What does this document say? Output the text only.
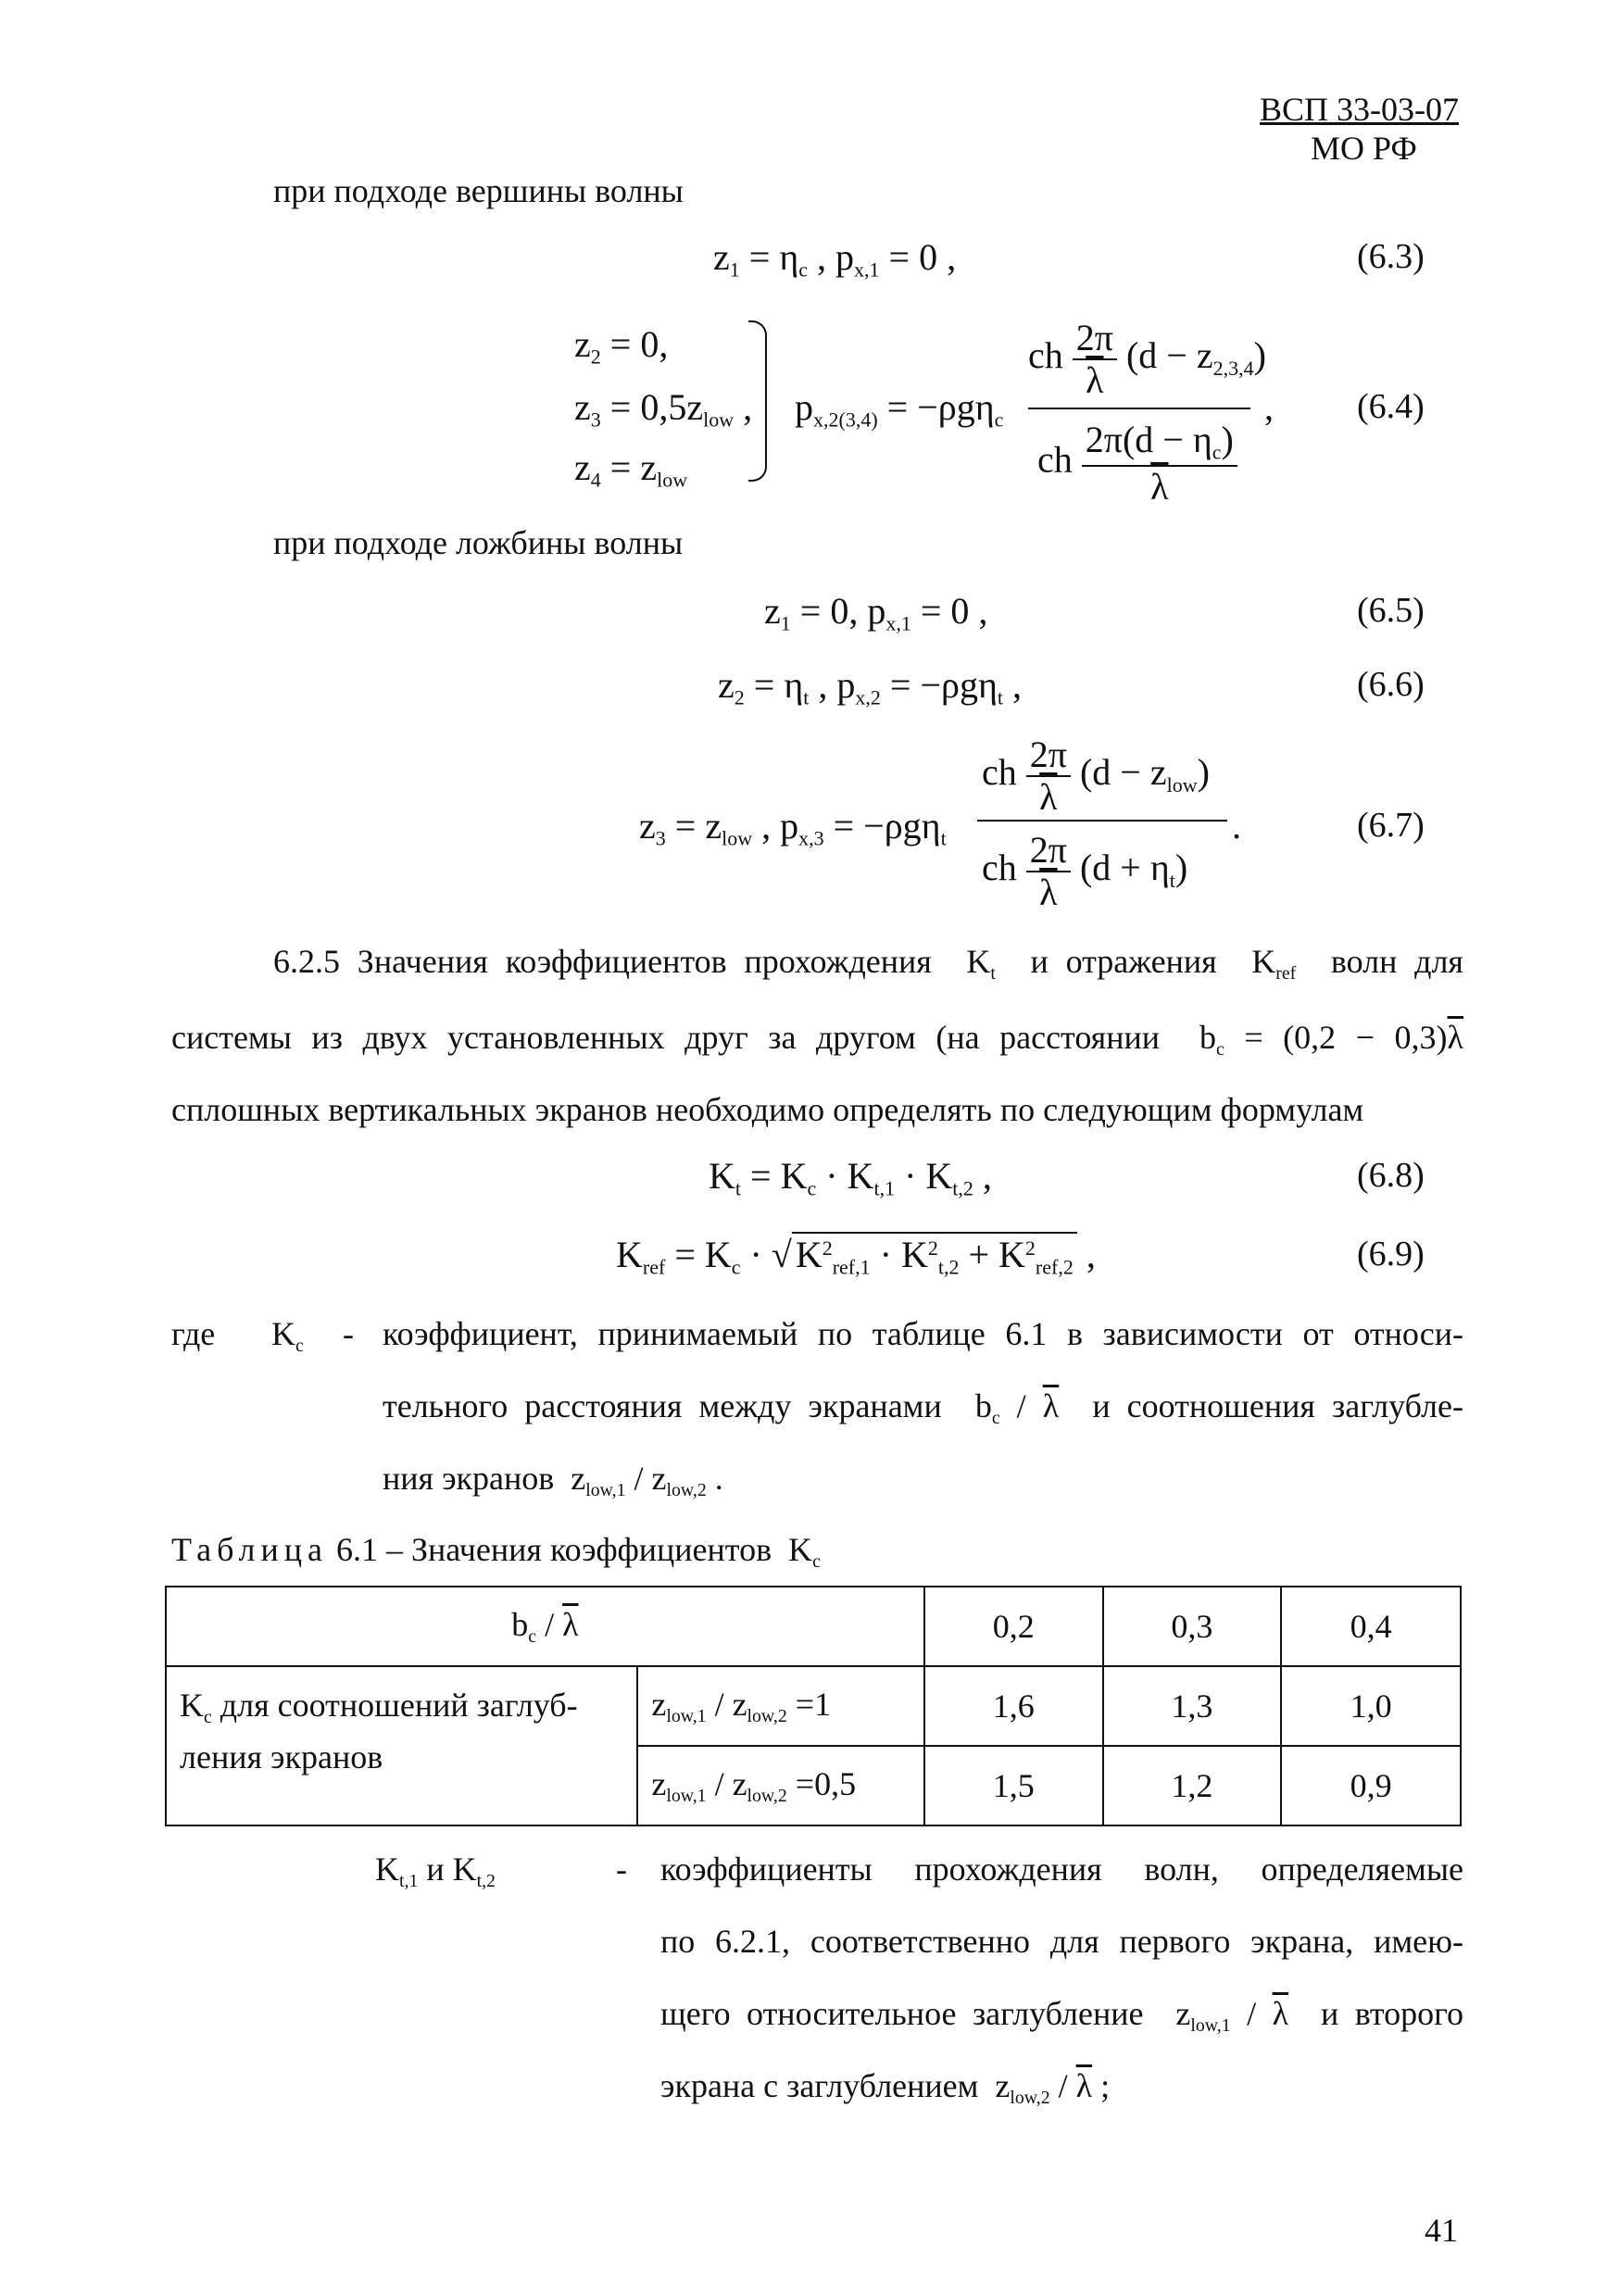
ВСП 33-03-07
МО РФ
при подходе вершины волны
$z_1 = \eta_c$ , $p_{x,1} = 0$ ,	(6.3)
$z_2 = 0$,
$z_3 = 0,5z_{low}$ ,
$z_4 = z_{low}$
$p_{x,2(3,4)} = -\rho g\eta_c$
ch $\frac{2\pi}{\lambda} (d - z_{2,3,4})$
ch $\frac{2\pi(d - \eta_c)}{\lambda}$
, (6.4)
при подходе ложбины волны
$z_1 = 0$, $p_{x,1} = 0$ ,	(6.5)
$z_2 = \eta_t$ , $p_{x,2} = -\rho g\eta_t$ ,	(6.6)
$z_3 = z_{low}$ , $p_{x,3} = -\rho g\eta_t$
ch $\frac{2\pi}{\lambda} (d - z_{low})$
ch $\frac{2\pi}{\lambda} (d + \eta_t)$
.	(6.7)
6.2.5 Значения коэффициентов прохождения  $K_t$  и отражения  $K_{ref}$  волн для
системы из двух установленных друг за другом (на расстоянии  $b_c = (0,2 - 0,3)\overline{\lambda}$
сплошных вертикальных экранов необходимо определять по следующим формулам
$K_t = K_c \cdot K_{t,1} \cdot K_{t,2}$ ,	(6.8)
$K_{ref} = K_c$ · √ $K^2_{ref,1} \cdot K^2_{t,2} + K^2_{ref,2}$ ,	(6.9)
где $K_c$ - коэффициент, принимаемый по таблице 6.1 в зависимости от относи-
тельного расстояния между экранами  $b_c / \overline{\lambda}$  и соотношения заглубле-
ния экранов  $z_{low,1} / z_{low,2}$ .
Таблица 6.1 – Значения коэффициентов  $K_c$
$b_c / \overline{\lambda}$		0,2	0,3	0,4
$K_c$ для соотношений заглубления экранов	$z_{low,1} / z_{low,2} =1$	1,6	1,3	1,0
	$z_{low,1} / z_{low,2} =0,5$	1,5	1,2	0,9
$K_{t,1}$ и $K_{t,2}$	- коэффициенты прохождения волн, определяемые
по 6.2.1, соответственно для первого экрана, имею-
щего относительное заглубление  $z_{low,1} / \overline{\lambda}$  и второго
экрана с заглублением  $z_{low,2} / \overline{\lambda}$ ;
41
